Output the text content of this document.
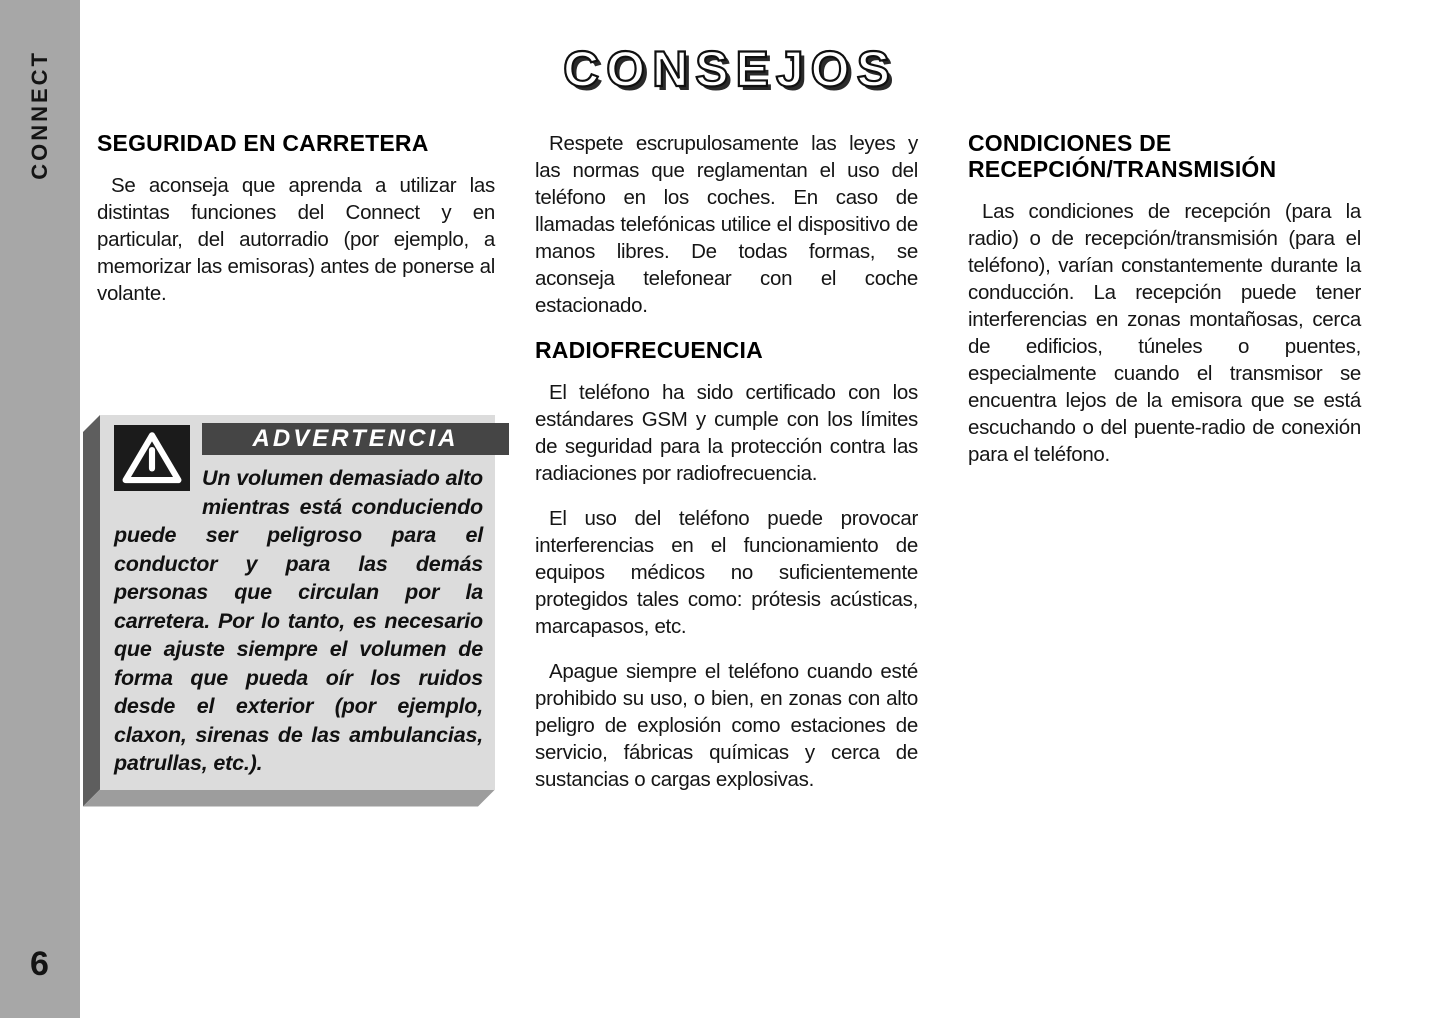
CONNECT
6
CONSEJOS
SEGURIDAD EN CARRETERA

Se aconseja que aprenda a utilizar las distintas funciones del Connect y en particular, del autorradio (por ejemplo, a memorizar las emisoras) antes de ponerse al volante.

ADVERTENCIA

Un volumen demasiado alto mientras está conduciendo puede ser peligroso para el conductor y para las demás personas que circulan por la carretera. Por lo tanto, es necesario que ajuste siempre el volumen de forma que pueda oír los ruidos desde el exterior (por ejemplo, claxon, sirenas de las ambulancias, patrullas, etc.).

Respete escrupulosamente las leyes y las normas que reglamentan el uso del teléfono en los coches. En caso de llamadas telefónicas utilice el dispositivo de manos libres. De todas formas, se aconseja telefonear con el coche estacionado.

RADIOFRECUENCIA

El teléfono ha sido certificado con los estándares GSM y cumple con los límites de seguridad para la protección contra las radiaciones por radiofrecuencia.

El uso del teléfono puede provocar interferencias en el funcionamiento de equipos médicos no suficientemente protegidos tales como: prótesis acústicas, marcapasos, etc.

Apague siempre el teléfono cuando esté prohibido su uso, o bien, en zonas con alto peligro de explosión como estaciones de servicio, fábricas químicas y cerca de sustancias o cargas explosivas.

CONDICIONES DE
RECEPCIÓN/TRANSMISIÓN

Las condiciones de recepción (para la radio) o de recepción/transmisión (para el teléfono), varían constantemente durante la conducción. La recepción puede tener interferencias en zonas montañosas, cerca de edificios, túneles o puentes, especialmente cuando el transmisor se encuentra lejos de la emisora que se está escuchando o del puente-radio de conexión para el teléfono.
